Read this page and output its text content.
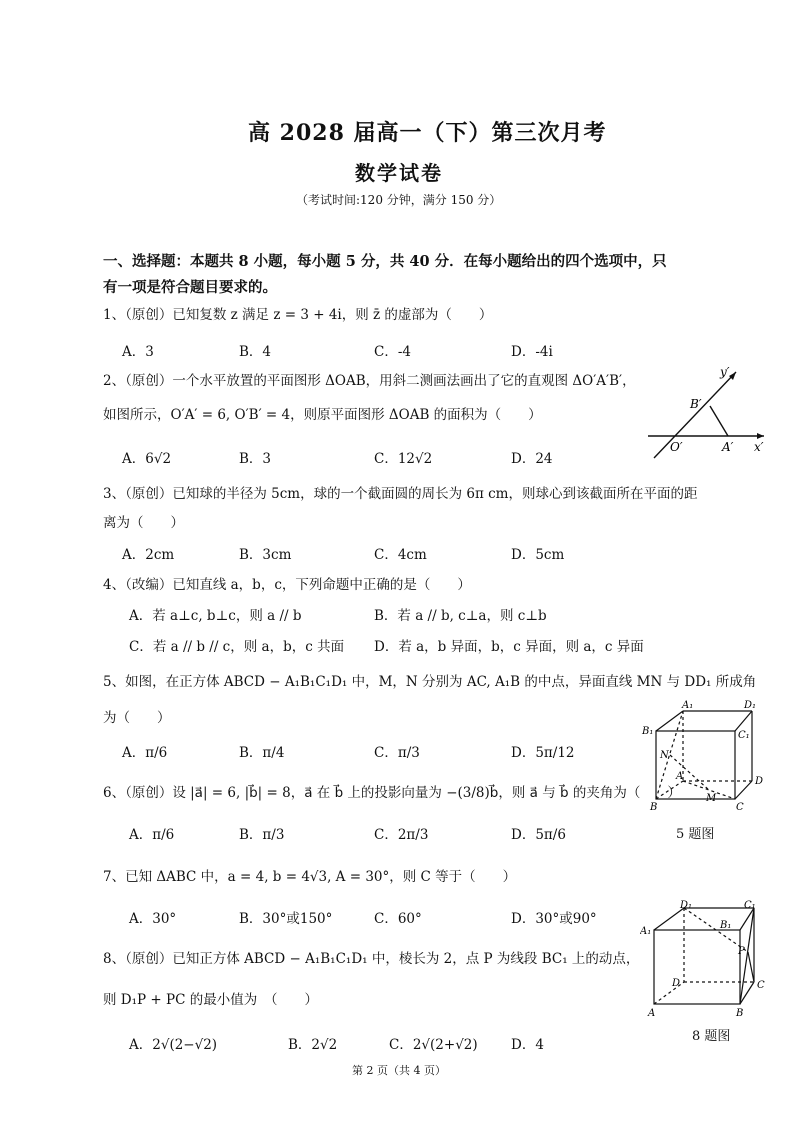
高 2028 届高一（下）第三次月考
数学试卷
（考试时间:120 分钟，满分 150 分）
一、选择题：本题共 8 小题，每小题 5 分，共 40 分．在每小题给出的四个选项中，只
有一项是符合题目要求的。
1、（原创）已知复数 z 满足 z = 3 + 4i，则 z̄ 的虚部为（　　）
A．3	B．4	C．-4	D．-4i
2、（原创）一个水平放置的平面图形 ΔOAB，用斜二测画法画出了它的直观图 ΔO′A′B′，
如图所示，O′A′ = 6, O′B′ = 4，则原平面图形 ΔOAB 的面积为（　　）
A．6√2	B．3	C．12√2	D．24
y′
B′
O′	A′ x′
3、（原创）已知球的半径为 5cm，球的一个截面圆的周长为 6π cm，则球心到该截面所在平面的距
离为（　　）
A．2cm	B．3cm	C．4cm	D．5cm
4、（改编）已知直线 a，b，c，下列命题中正确的是（　　）
A．若 a⊥c, b⊥c，则 a // b	B．若 a // b, c⊥a，则 c⊥b
C．若 a // b // c，则 a，b，c 共面 D．若 a，b 异面，b，c 异面，则 a，c 异面
5、如图，在正方体 ABCD − A₁B₁C₁D₁ 中，M，N 分别为 AC, A₁B 的中点，异面直线 MN 与 DD₁ 所成角
为（　　）
A．π/6	B．π/4	C．π/3	D．5π/12
A₁	D₁
B₁	C₁
N
A	D
B
M
C
5 题图
6、（原创）设 |a⃗| = 6, |b⃗| = 8，a⃗ 在 b⃗ 上的投影向量为 −(3/8)b⃗，则 a⃗ 与 b⃗ 的夹角为（　　）
A．π/6	B．π/3	C．2π/3	D．5π/6
7、已知 ΔABC 中，a = 4, b = 4√3, A = 30°，则 C 等于（　　）
A．30°	B．30°或150°	C．60°	D．30°或90°
8、（原创）已知正方体 ABCD − A₁B₁C₁D₁ 中，棱长为 2，点 P 为线段 BC₁ 上的动点，
则 D₁P + PC 的最小值为　（　　）
A．2√(2−√2)	B．2√2	C．2√(2+√2) D．4
D₁	C₁
A₁
B₁
P
D	C
A	B
8 题图
第 2 页（共 4 页）
